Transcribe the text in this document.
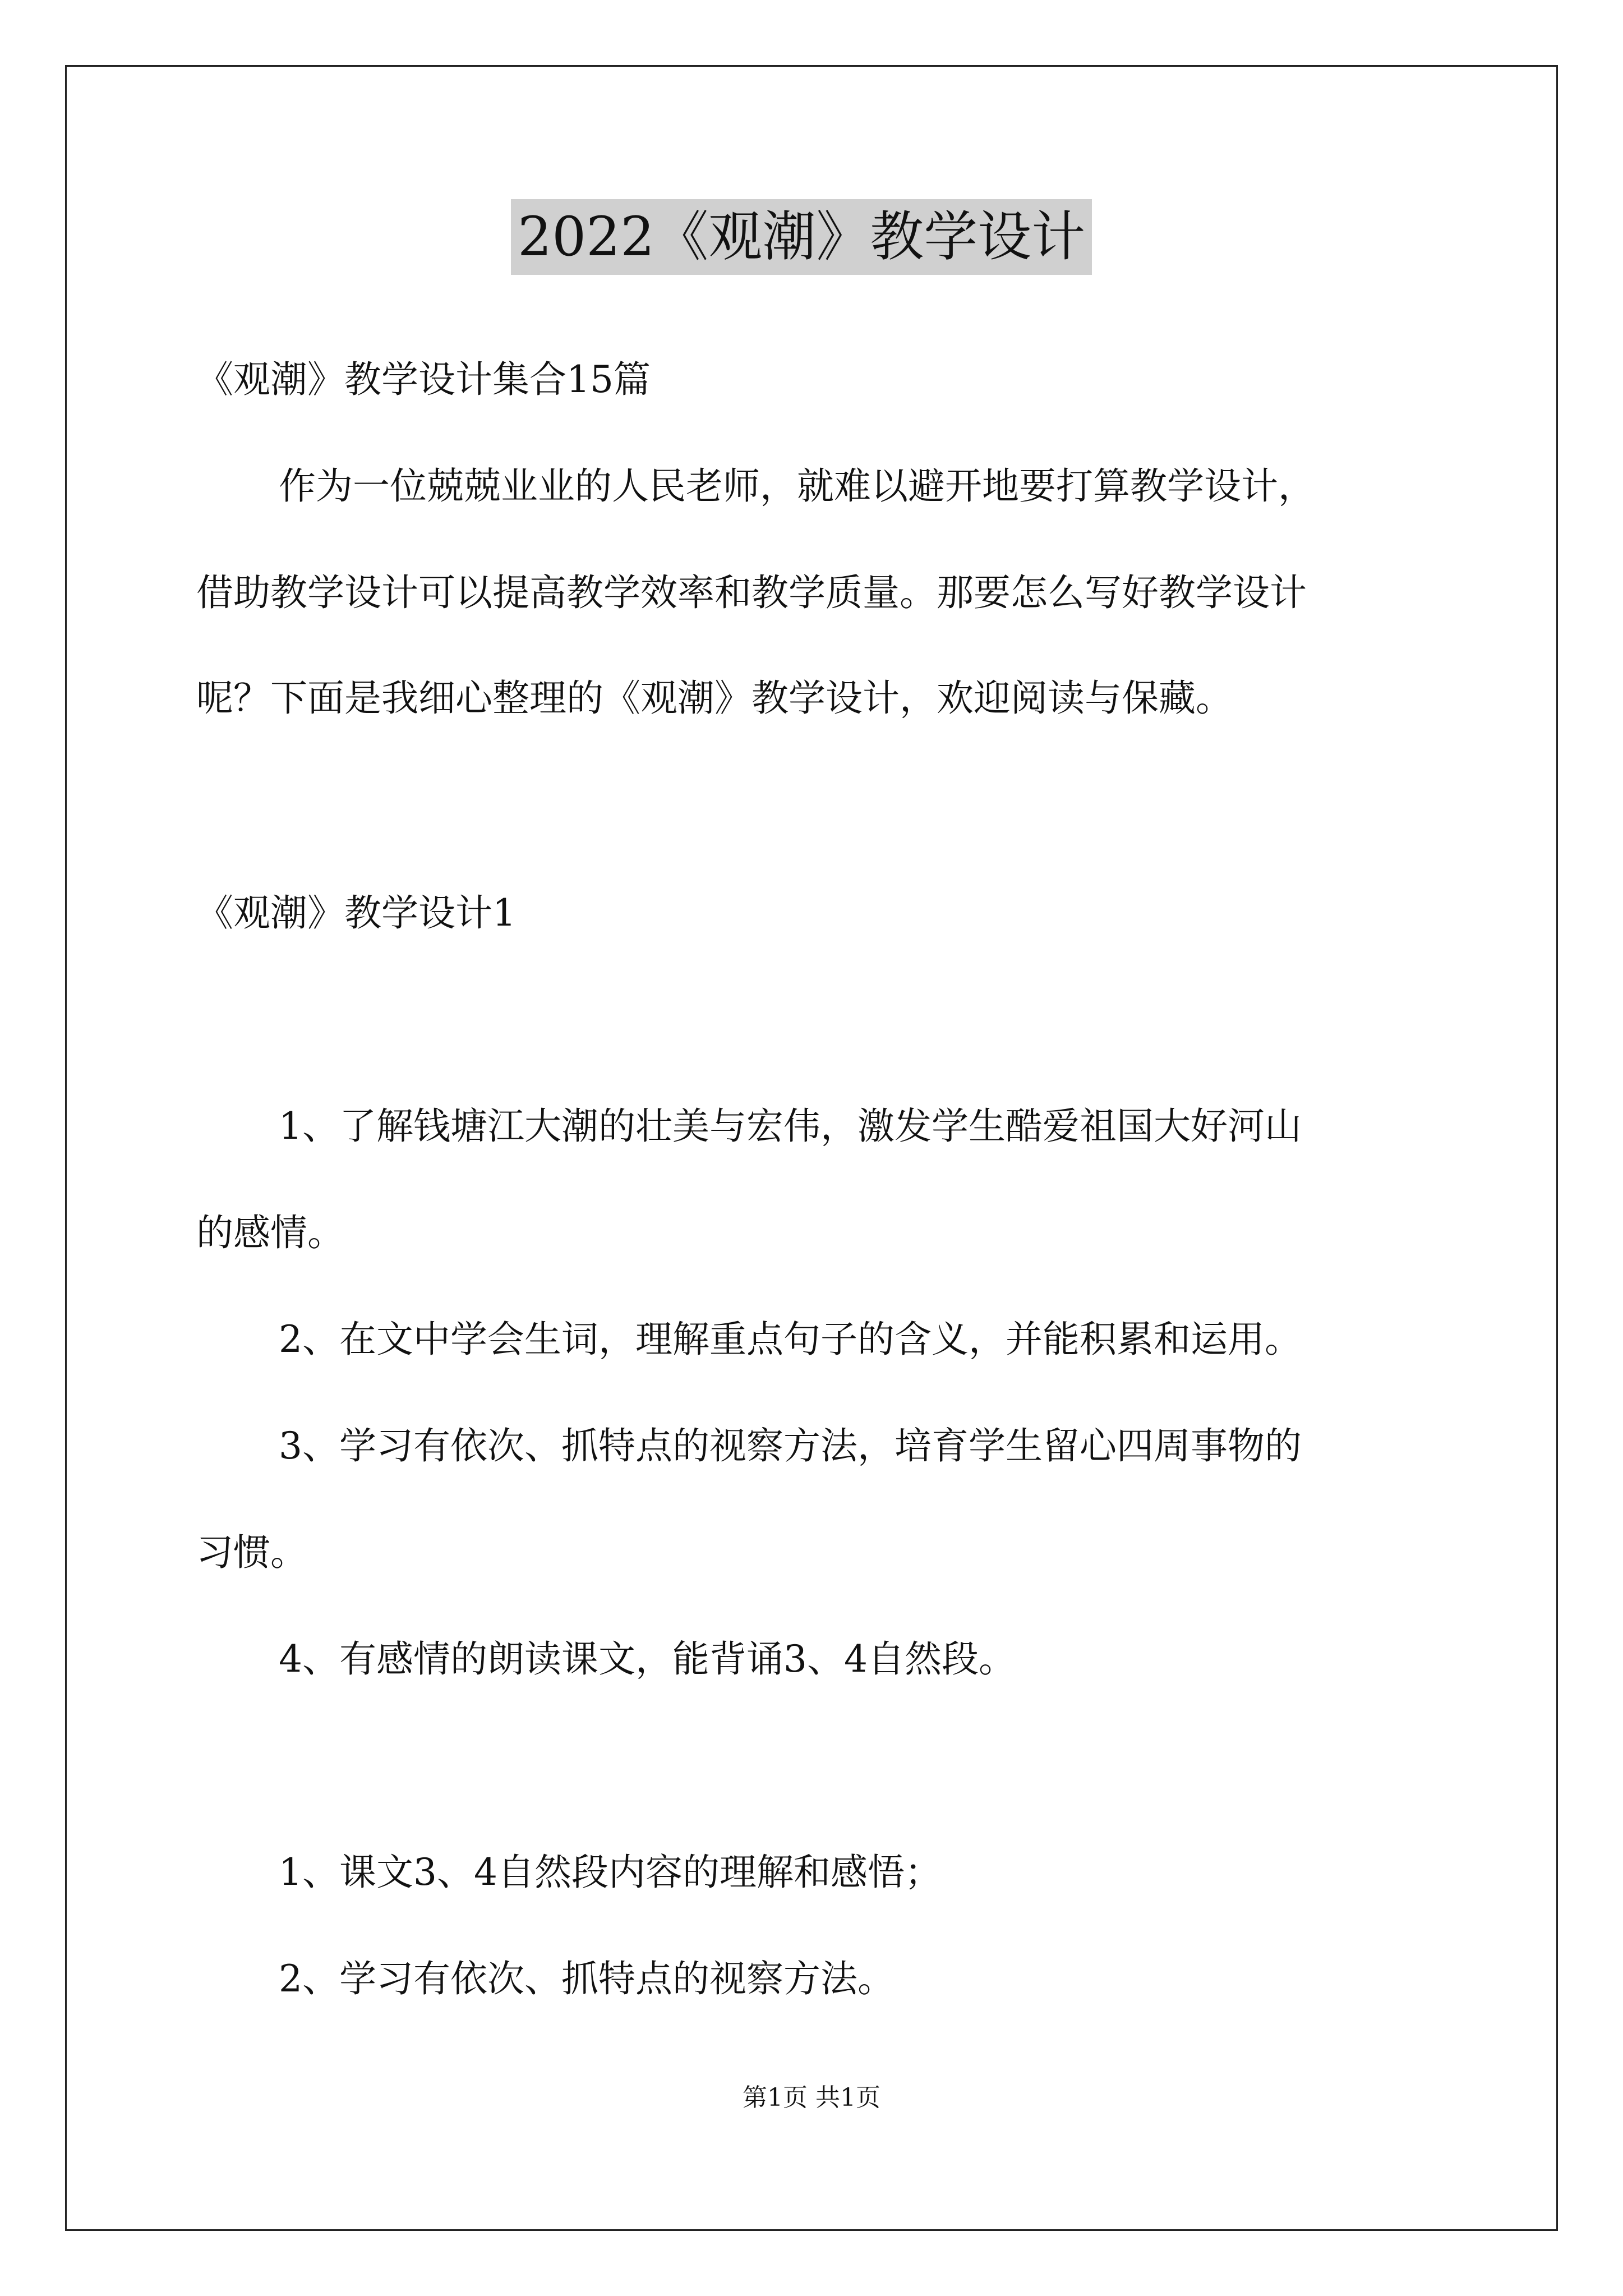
2022《观潮》教学设计
《观潮》教学设计集合15篇
作为一位兢兢业业的人民老师，就难以避开地要打算教学设计，
借助教学设计可以提高教学效率和教学质量。那要怎么写好教学设计
呢？下面是我细心整理的《观潮》教学设计，欢迎阅读与保藏。
《观潮》教学设计1
1、了解钱塘江大潮的壮美与宏伟，激发学生酷爱祖国大好河山
的感情。
2、在文中学会生词，理解重点句子的含义，并能积累和运用。
3、学习有依次、抓特点的视察方法，培育学生留心四周事物的
习惯。
4、有感情的朗读课文，能背诵3、4自然段。
1、课文3、4自然段内容的理解和感悟；
2、学习有依次、抓特点的视察方法。
第1页 共1页
